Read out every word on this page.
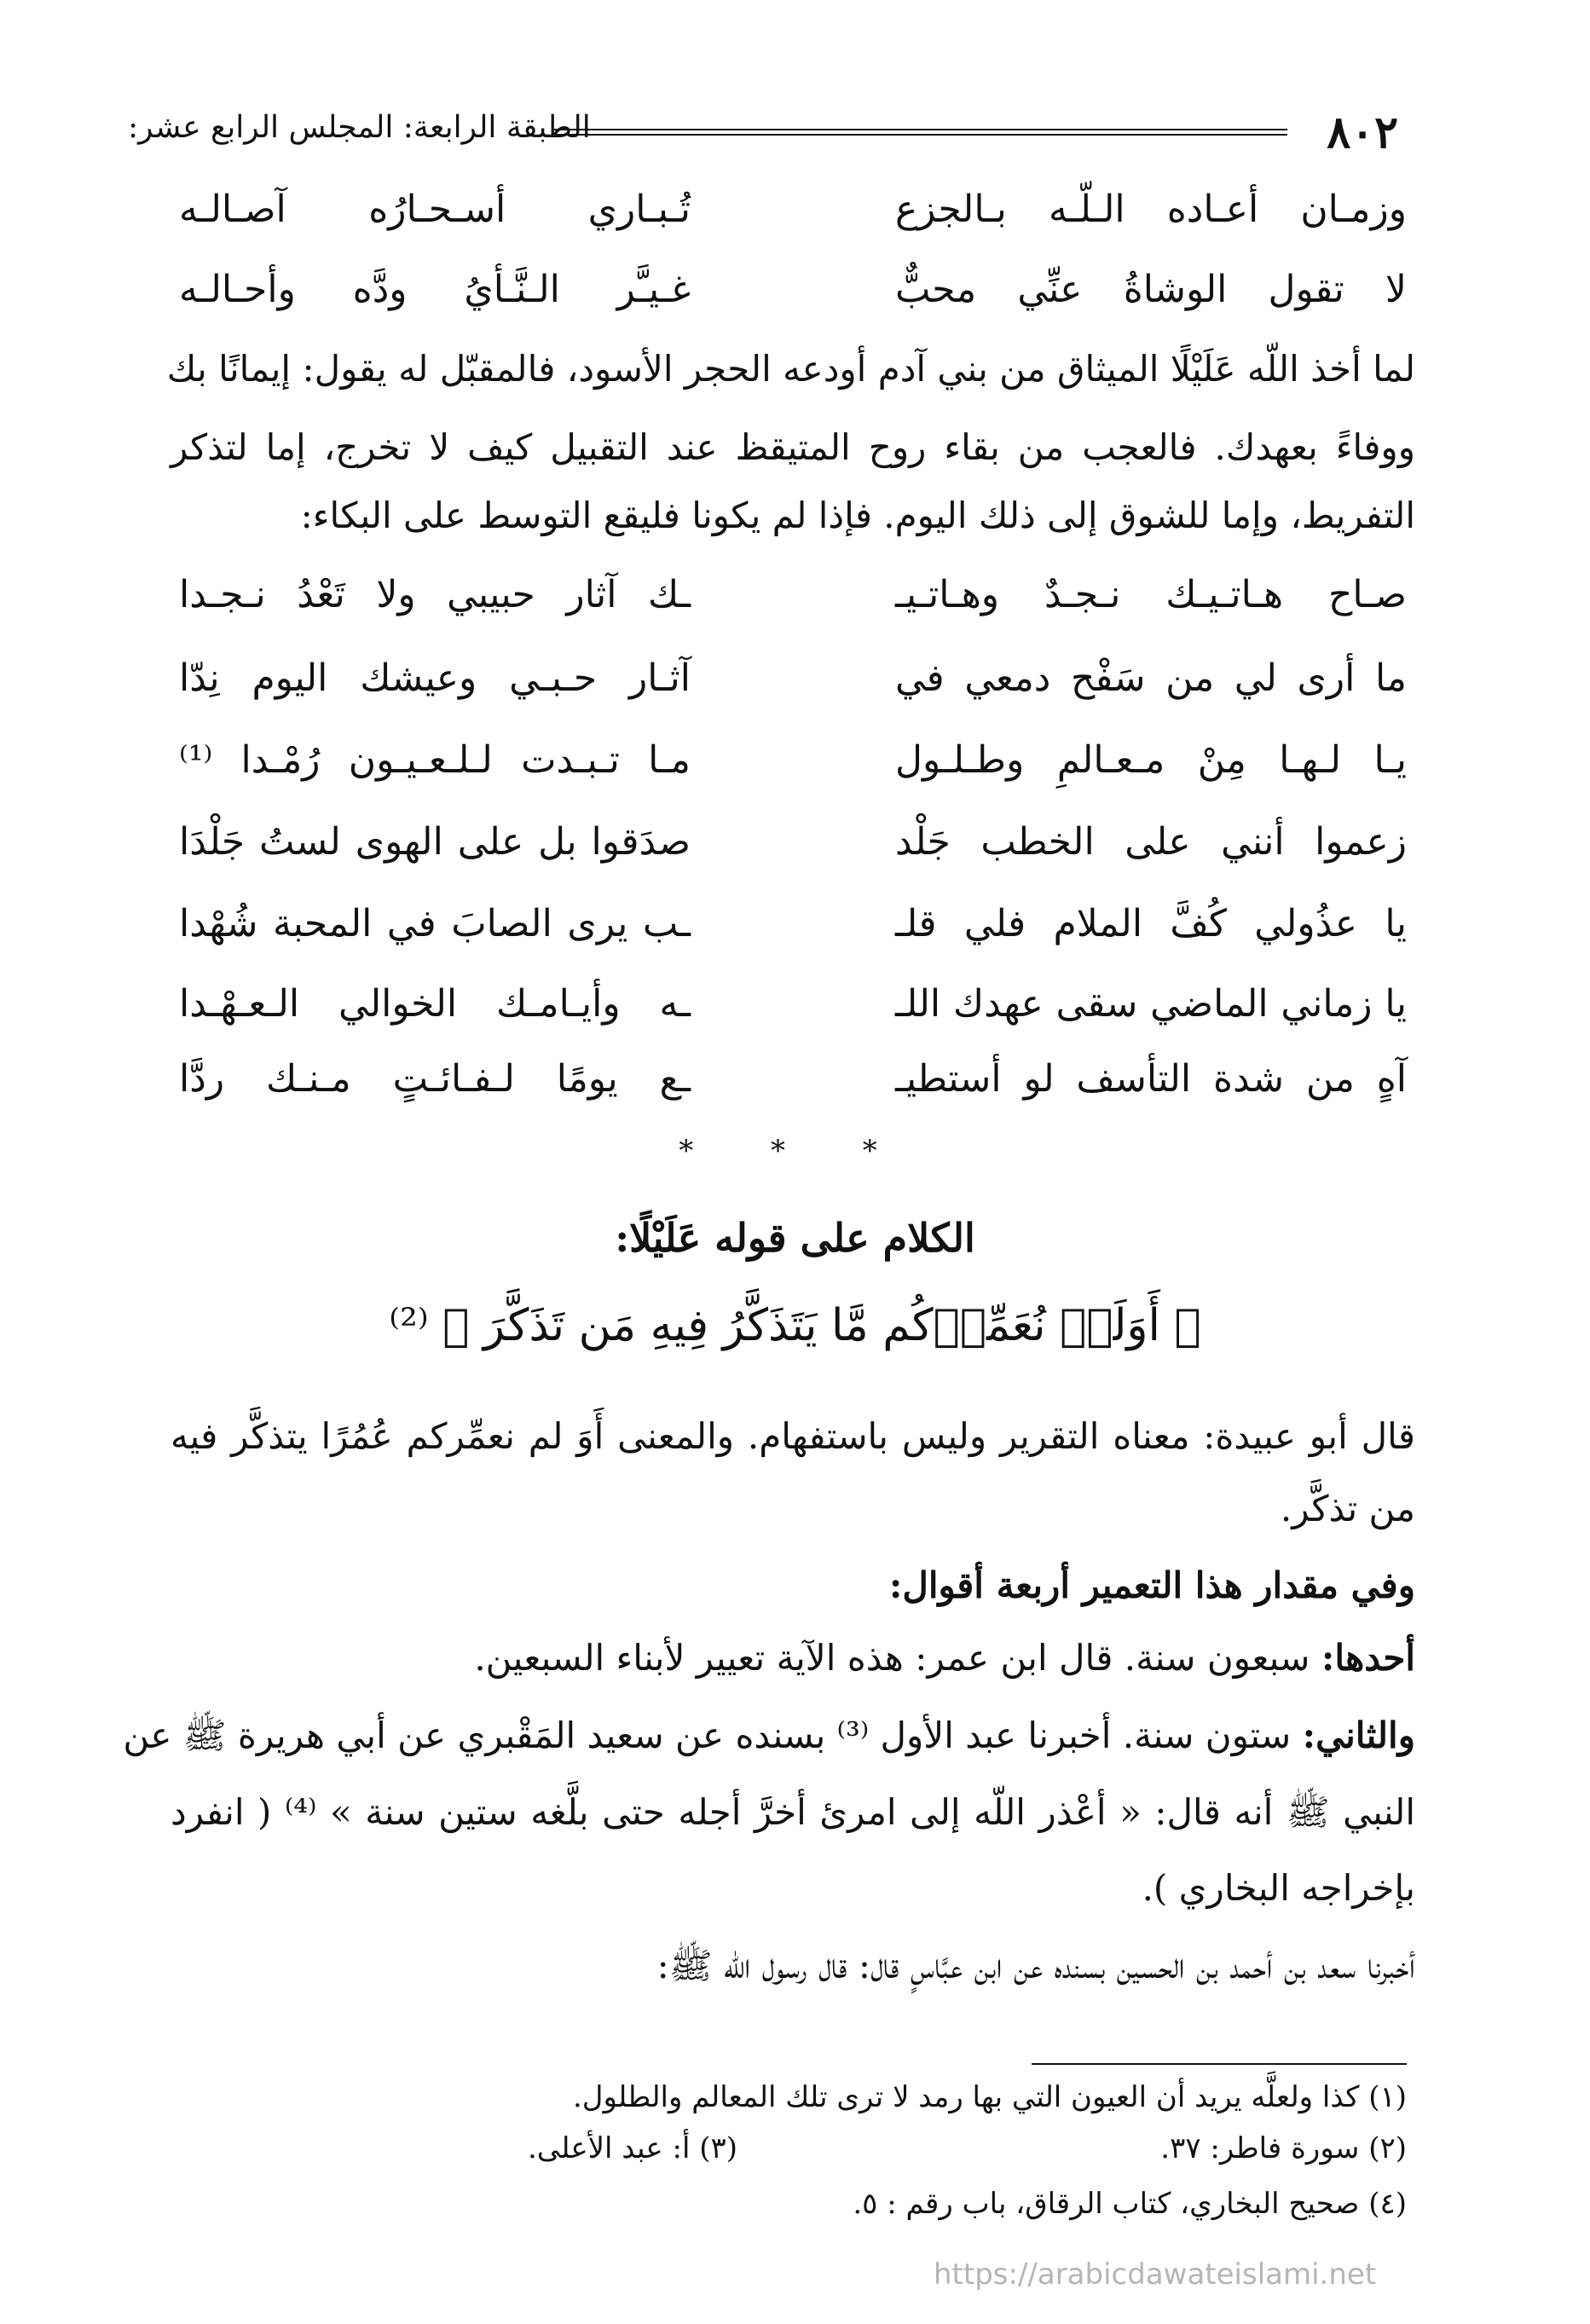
٨٠٢
الطبقة الرابعة: المجلس الرابع عشر:
وزمـان أعـاده الـلّـه بـالجزع
تُـبـاري أسـحـارُه آصـالـه
لا تقول الوشاةُ عنِّي محبٌّ
غـيـَّر الـنَّـأيُ ودَّه وأحـالـه
لما أخذ اللّه عَلَيْلًا الميثاق من بني آدم أودعه الحجر الأسود، فالمقبّل له يقول: إيمانًا بك
ووفاءً بعهدك. فالعجب من بقاء روح المتيقظ عند التقبيل كيف لا تخرج، إما لتذكر
التفريط، وإما للشوق إلى ذلك اليوم. فإذا لم يكونا فليقع التوسط على البكاء:
صـاح هـاتـيـك نـجـدٌ وهـاتـيـ
ـك آثار حبيبي ولا تَعْدُ نـجـدا
ما أرى لي من سَفْح دمعي في
آثـار حـبـي وعيشك اليوم نِدّا
يـا لـهـا مِنْ مـعـالمِ وطـلـول
مـا تـبـدت لـلـعـيـون رُمْـدا ⁽¹⁾
زعموا أنني على الخطب جَلْد
صدَقوا بل على الهوى لستُ جَلْدَا
يا عذُولي كُفَّ الملام فلي قلـ
ـب يرى الصابَ في المحبة شُهْدا
يا زماني الماضي سقى عهدك اللـ
ـه وأيـامـك الخوالي الـعـهْـدا
آهٍ من شدة التأسف لو أستطيـ
ـع يومًا لـفـائـتٍ مـنـك ردَّا
* * *
الكلام على قوله عَلَيْلًا:
﴿ أَوَلَمۡ نُعَمِّرۡكُم مَّا يَتَذَكَّرُ فِيهِ مَن تَذَكَّرَ ﴾ ⁽²⁾
قال أبو عبيدة: معناه التقرير وليس باستفهام. والمعنى أَوَ لم نعمِّركم عُمُرًا يتذكَّر فيه
من تذكَّر.
وفي مقدار هذا التعمير أربعة أقوال:
أحدها: سبعون سنة. قال ابن عمر: هذه الآية تعيير لأبناء السبعين.
والثاني: ستون سنة. أخبرنا عبد الأول ⁽³⁾ بسنده عن سعيد المَقْبري عن أبي هريرة ﷺ عن
النبي ﷺ أنه قال: « أعْذر اللّه إلى امرئ أخرَّ أجله حتى بلَّغه ستين سنة » ⁽⁴⁾ ( انفرد
بإخراجه البخاري ).
أخبرنا سعد بن أحمد بن الحسين بسنده عن ابن عبَّاسٍ قال: قال رسول اللّه ﷺ:
(١) كذا ولعلَّه يريد أن العيون التي بها رمد لا ترى تلك المعالم والطلول.
(٢) سورة فاطر: ٣٧.
(٣) أ: عبد الأعلى.
(٤) صحيح البخاري، كتاب الرقاق، باب رقم : ٥.
https://arabicdawateislami.net
